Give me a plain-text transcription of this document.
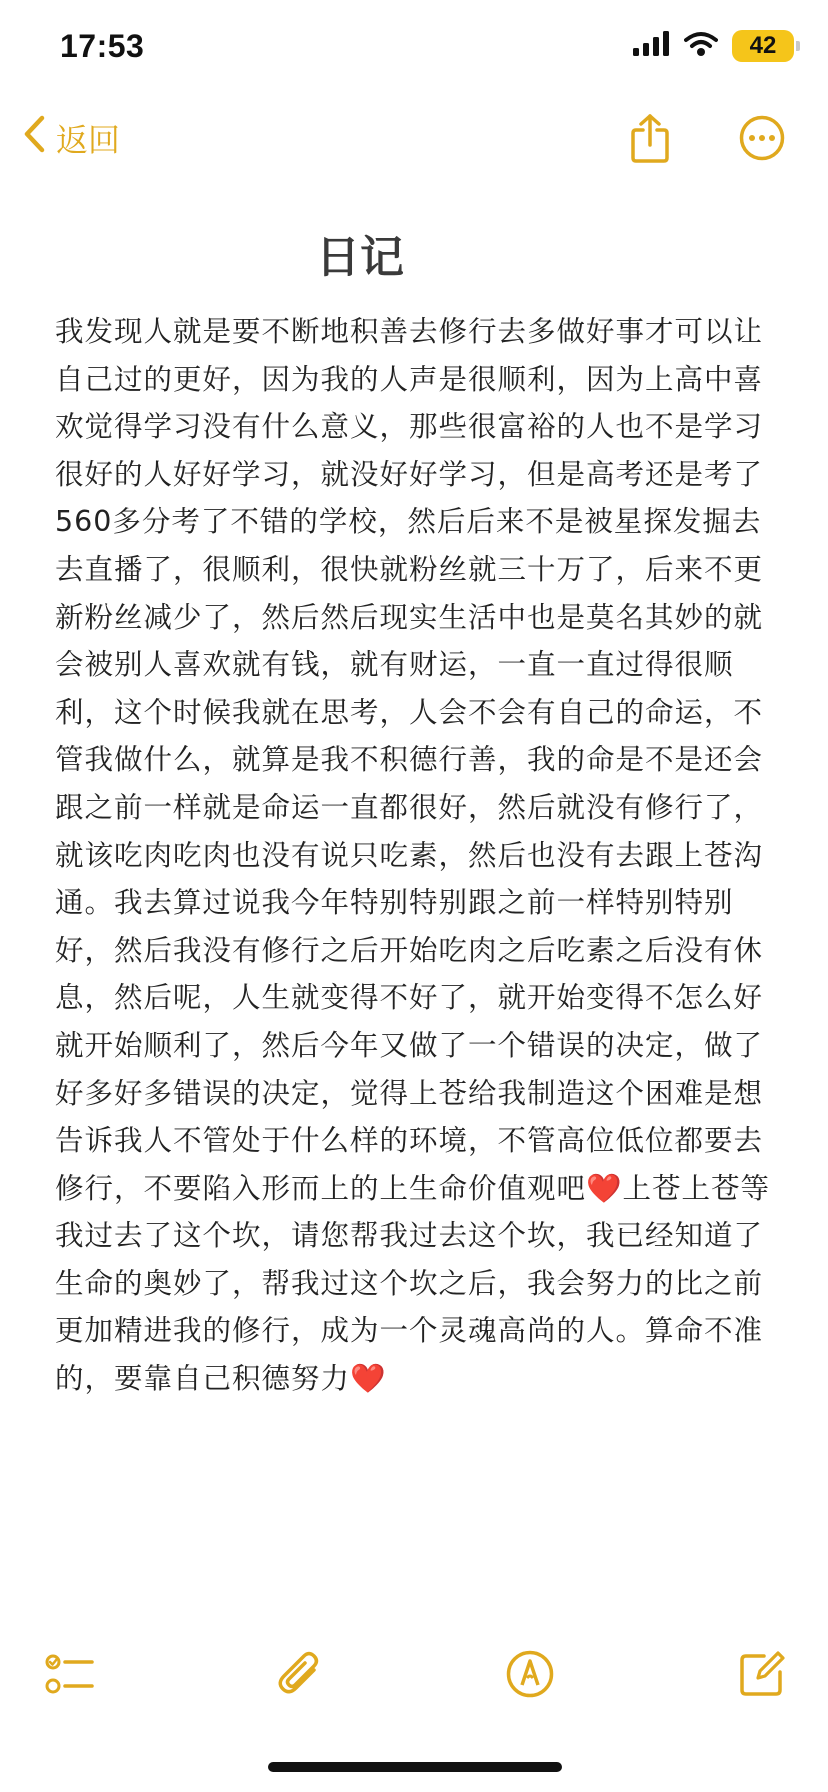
17:53	42
返回
日记
我发现人就是要不断地积善去修行去多做好事才可以让自己过的更好，因为我的人声是很顺利，因为上高中喜欢觉得学习没有什么意义，那些很富裕的人也不是学习很好的人好好学习，就没好好学习，但是高考还是考了560多分考了不错的学校，然后后来不是被星探发掘去去直播了，很顺利，很快就粉丝就三十万了，后来不更新粉丝减少了，然后然后现实生活中也是莫名其妙的就会被别人喜欢就有钱，就有财运，一直一直过得很顺利，这个时候我就在思考，人会不会有自己的命运，不管我做什么，就算是我不积德行善，我的命是不是还会跟之前一样就是命运一直都很好，然后就没有修行了，就该吃肉吃肉也没有说只吃素，然后也没有去跟上苍沟通。我去算过说我今年特别特别跟之前一样特别特别好，然后我没有修行之后开始吃肉之后吃素之后没有休息，然后呢，人生就变得不好了，就开始变得不怎么好就开始顺利了，然后今年又做了一个错误的决定，做了好多好多错误的决定，觉得上苍给我制造这个困难是想告诉我人不管处于什么样的环境，不管高位低位都要去修行，不要陷入形而上的上生命价值观吧❤️上苍上苍等我过去了这个坎，请您帮我过去这个坎，我已经知道了生命的奥妙了，帮我过这个坎之后，我会努力的比之前更加精进我的修行，成为一个灵魂高尚的人。算命不准的，要靠自己积德努力❤️
